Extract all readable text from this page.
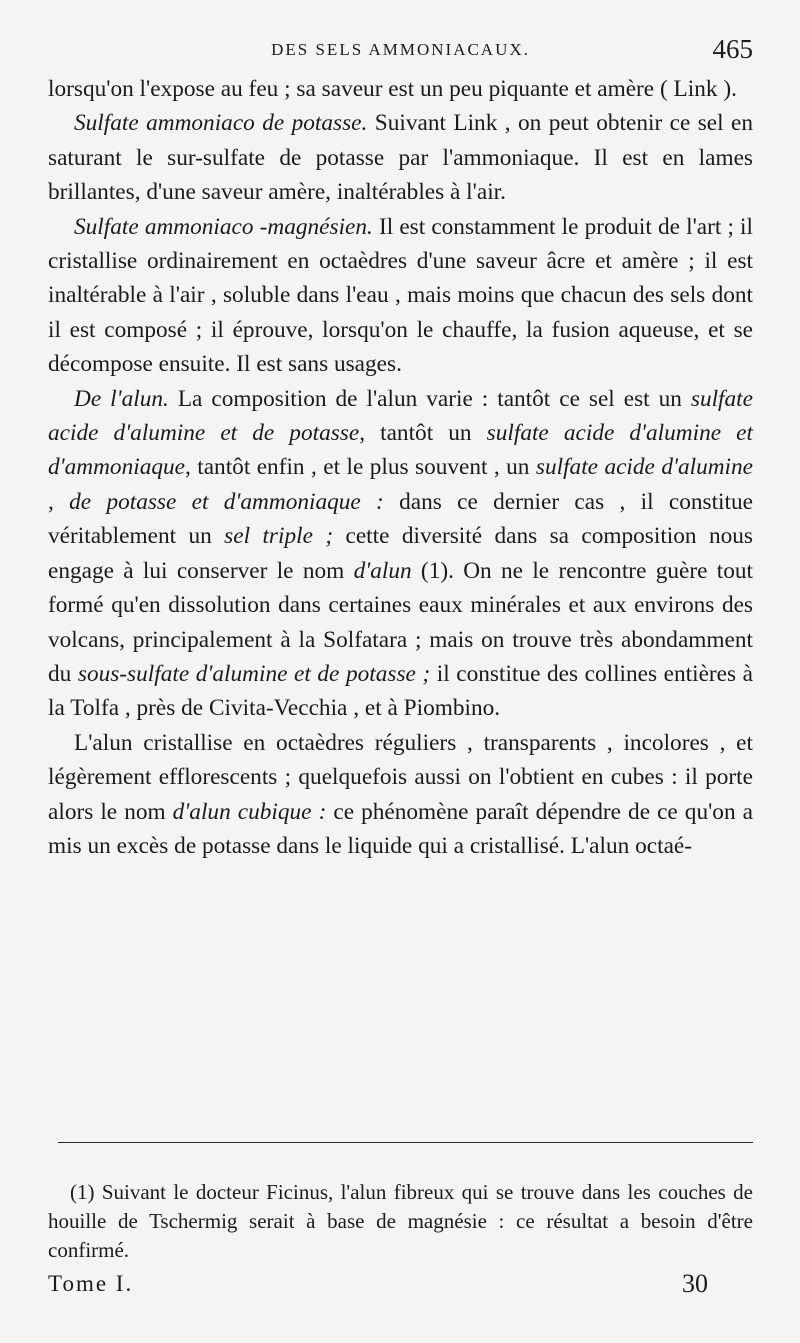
DES SELS AMMONIACAUX.	465

lorsqu'on l'expose au feu ; sa saveur est un peu piquante et amère ( Link ).

Sulfate ammoniaco de potasse. Suivant Link , on peut obtenir ce sel en saturant le sur-sulfate de potasse par l'ammoniaque. Il est en lames brillantes, d'une saveur amère, inaltérables à l'air.

Sulfate ammoniaco -magnésien. Il est constamment le produit de l'art ; il cristallise ordinairement en octaèdres d'une saveur âcre et amère ; il est inaltérable à l'air , soluble dans l'eau , mais moins que chacun des sels dont il est composé ; il éprouve, lorsqu'on le chauffe, la fusion aqueuse, et se décompose ensuite. Il est sans usages.

De l'alun. La composition de l'alun varie : tantôt ce sel est un sulfate acide d'alumine et de potasse, tantôt un sulfate acide d'alumine et d'ammoniaque, tantôt enfin , et le plus souvent , un sulfate acide d'alumine , de potasse et d'ammoniaque : dans ce dernier cas , il constitue véritablement un sel triple ; cette diversité dans sa composition nous engage à lui conserver le nom d'alun (1). On ne le rencontre guère tout formé qu'en dissolution dans certaines eaux minérales et aux environs des volcans, principalement à la Solfatara ; mais on trouve très abondamment du sous-sulfate d'alumine et de potasse ; il constitue des collines entières à la Tolfa , près de Civita-Vecchia , et à Piombino.

L'alun cristallise en octaèdres réguliers , transparents , incolores , et légèrement efflorescents ; quelquefois aussi on l'obtient en cubes : il porte alors le nom d'alun cubique : ce phénomène paraît dépendre de ce qu'on a mis un excès de potasse dans le liquide qui a cristallisé. L'alun octaé-

(1) Suivant le docteur Ficinus, l'alun fibreux qui se trouve dans les couches de houille de Tschermig serait à base de magnésie : ce résultat a besoin d'être confirmé.

Tome I.	30
